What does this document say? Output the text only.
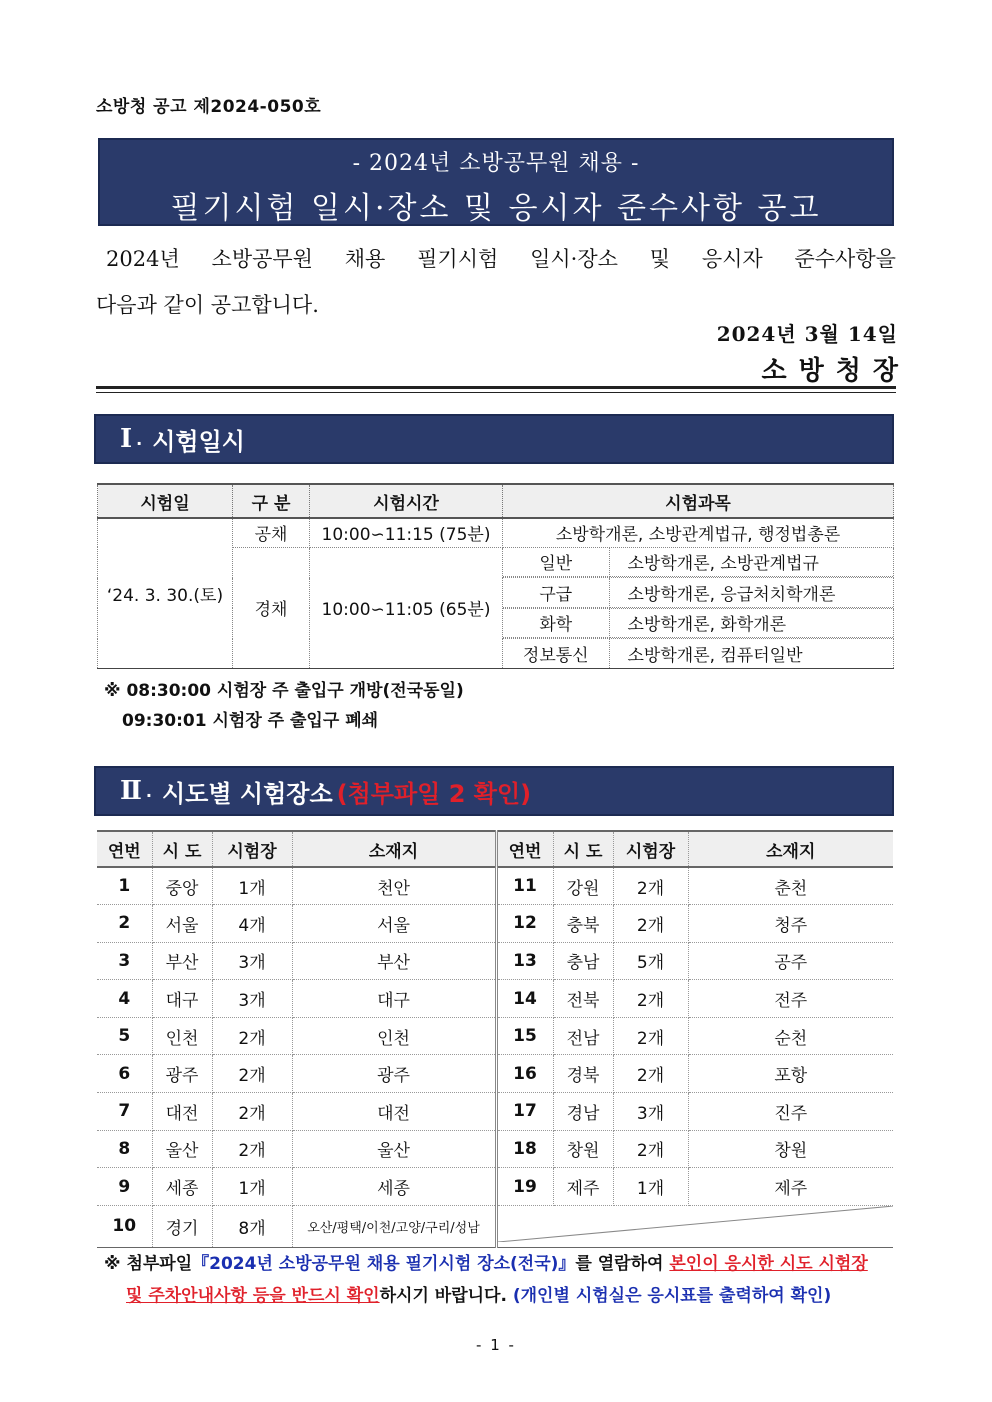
소방청 공고 제2024-050호
- 2024년 소방공무원 채용 -
필기시험 일시·장소 및 응시자 준수사항 공고
2024년 소방공무원 채용 필기시험 일시·장소 및 응시자 준수사항을
다음과 같이 공고합니다.
2024년 3월 14일
소방청장
Ⅰ . 시험일시
시험일	구 분	시험시간	시험과목
‘24. 3. 30.(토)	공채	10:00∽11:15 (75분)	소방학개론, 소방관계법규, 행정법총론
경채	10:00∽11:05 (65분)	
일반	소방학개론, 소방관계법규

구급	소방학개론, 응급처치학개론

화학	소방학개론, 화학개론

정보통신	소방학개론, 컴퓨터일반
※ 08:30:00 시험장 주 출입구 개방(전국동일)
09:30:01 시험장 주 출입구 폐쇄
Ⅱ . 시도별 시험장소 (첨부파일 2 확인)
연번	시 도	시험장	소재지	연번	시 도	시험장	소재지
1	중앙	1개	천안	11	강원	2개	춘천
2	서울	4개	서울	12	충북	2개	청주
3	부산	3개	부산	13	충남	5개	공주
4	대구	3개	대구	14	전북	2개	전주
5	인천	2개	인천	15	전남	2개	순천
6	광주	2개	광주	16	경북	2개	포항
7	대전	2개	대전	17	경남	3개	진주
8	울산	2개	울산	18	창원	2개	창원
9	세종	1개	세종	19	제주	1개	제주
10	경기	8개	오산/평택/이천/고양/구리/성남	
※ 첨부파일『2024년 소방공무원 채용 필기시험 장소(전국)』를 열람하여 본인이 응시한 시도 시험장
및 주차안내사항 등을 반드시 확인하시기 바랍니다. (개인별 시험실은 응시표를 출력하여 확인)
- 1 -
